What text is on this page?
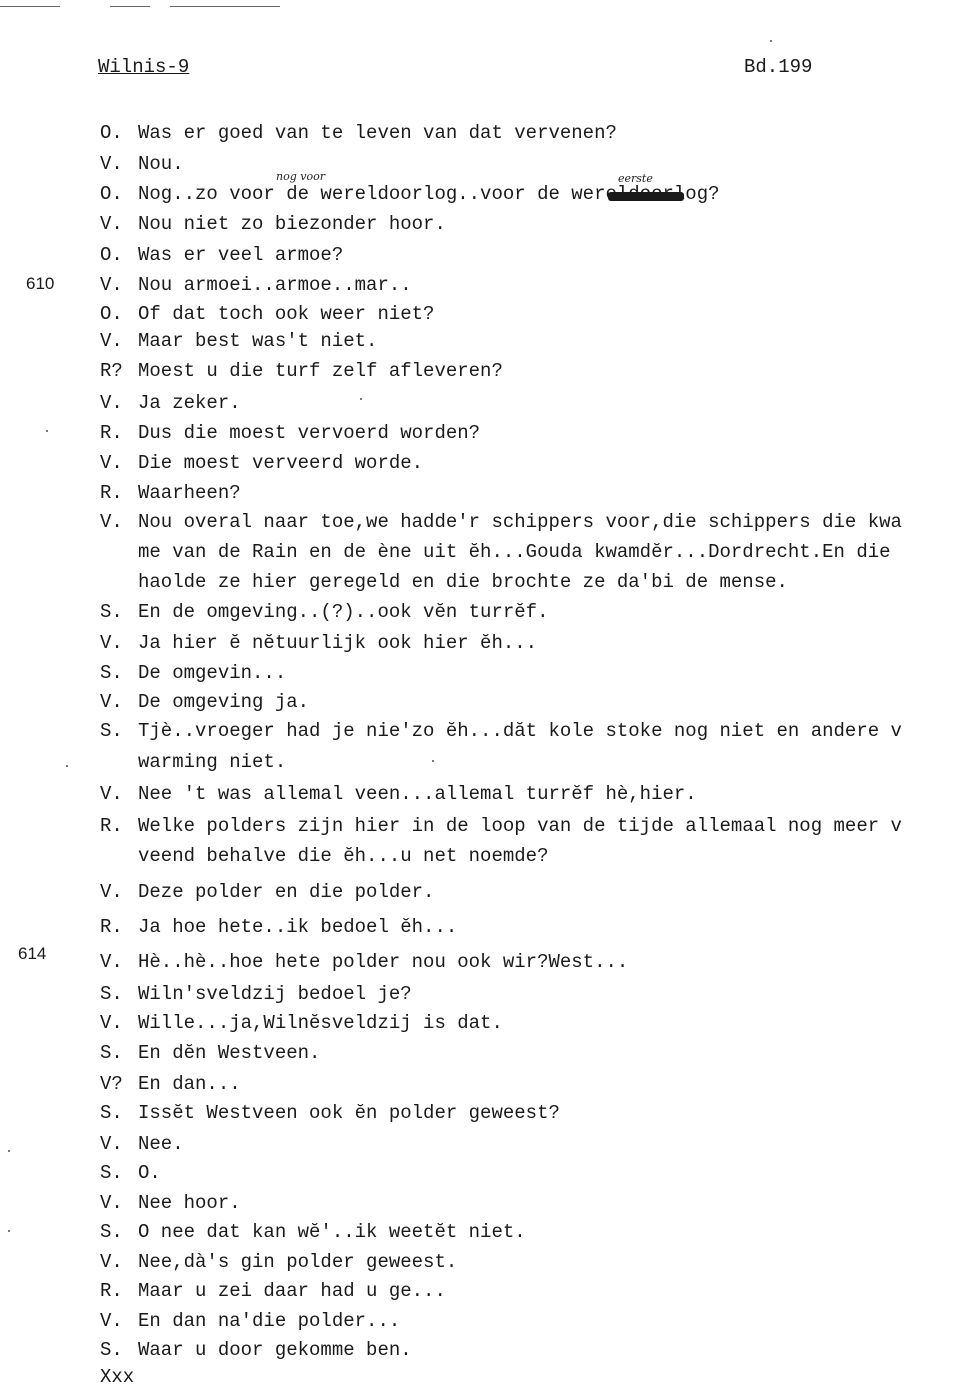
Wilnis-9	Bd.199
610
614
nog voor	eerste
O. Was er goed van te leven van dat vervenen?
V. Nou.
O. Nog..zo voor de wereldoorlog..voor de wereldoorlog?
V. Nou niet zo biezonder hoor.
O. Was er veel armoe?
V. Nou armoei..armoe..mar..
O. Of dat toch ook weer niet?
V. Maar best was't niet.
R? Moest u die turf zelf afleveren?
V. Ja zeker.
R. Dus die moest vervoerd worden?
V. Die moest verveerd worde.
R. Waarheen?
V. Nou overal naar toe,we hadde'r schippers voor,die schippers die kwa
me van de Rain en de ène uit ĕh...Gouda kwamdĕr...Dordrecht.En die
haolde ze hier geregeld en die brochte ze da'bi de mense.
S. En de omgeving..(?)..ook vĕn turrĕf.
V. Ja hier ĕ nĕtuurlijk ook hier ĕh...
S. De omgevin...
V. De omgeving ja.
S. Tjè..vroeger had je nie'zo ĕh...dăt kole stoke nog niet en andere v
warming niet.
V. Nee 't was allemal veen...allemal turrĕf hè,hier.
R. Welke polders zijn hier in de loop van de tijde allemaal nog meer v
veend behalve die ĕh...u net noemde?
V. Deze polder en die polder.
R. Ja hoe hete..ik bedoel ĕh...
V. Hè..hè..hoe hete polder nou ook wir?West...
S. Wiln'sveldzij bedoel je?
V. Wille...ja,Wilnĕsveldzij is dat.
S. En dĕn Westveen.
V? En dan...
S. Issĕt Westveen ook ĕn polder geweest?
V. Nee.
S. O.
V. Nee hoor.
S. O nee dat kan wĕ'..ik weetĕt niet.
V. Nee,dà's gin polder geweest.
R. Maar u zei daar had u ge...
V. En dan na'die polder...
S. Waar u door gekomme ben.
Xxx
